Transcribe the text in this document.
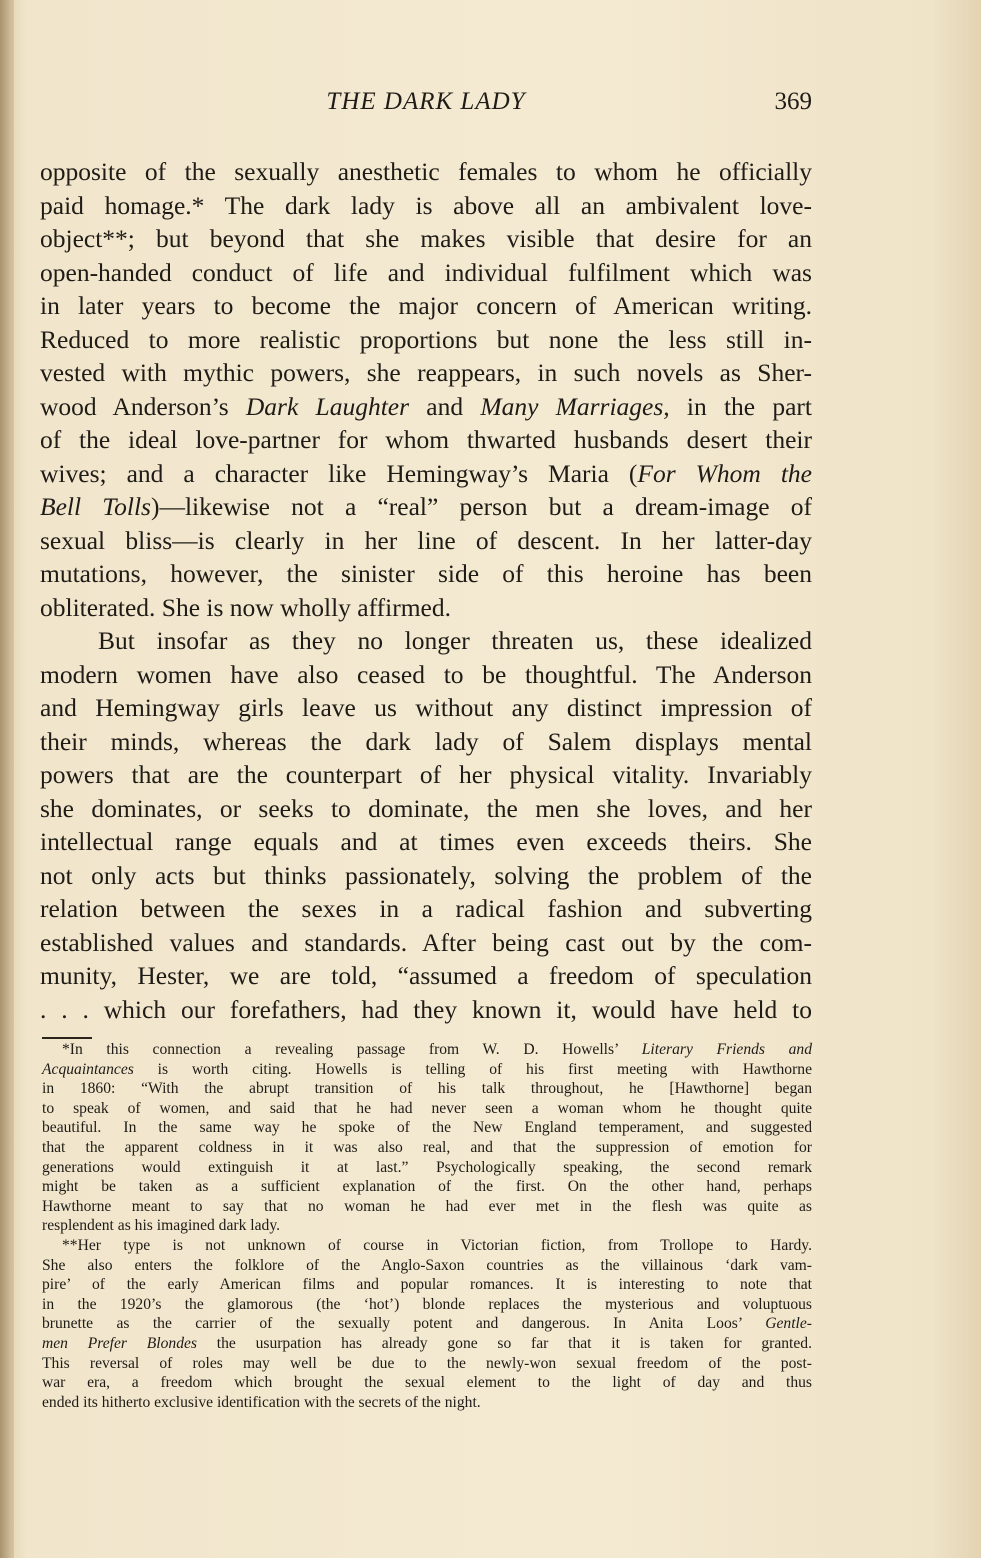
THE DARK LADY	369
opposite of the sexually anesthetic females to whom he officially
paid homage.* The dark lady is above all an ambivalent love-
object**; but beyond that she makes visible that desire for an
open-handed conduct of life and individual fulfilment which was
in later years to become the major concern of American writing.
Reduced to more realistic proportions but none the less still in-
vested with mythic powers, she reappears, in such novels as Sher-
wood Anderson’s Dark Laughter and Many Marriages, in the part
of the ideal love-partner for whom thwarted husbands desert their
wives; and a character like Hemingway’s Maria (For Whom the
Bell Tolls)—likewise not a “real” person but a dream-image of
sexual bliss—is clearly in her line of descent. In her latter-day
mutations, however, the sinister side of this heroine has been
obliterated. She is now wholly affirmed.
But insofar as they no longer threaten us, these idealized
modern women have also ceased to be thoughtful. The Anderson
and Hemingway girls leave us without any distinct impression of
their minds, whereas the dark lady of Salem displays mental
powers that are the counterpart of her physical vitality. Invariably
she dominates, or seeks to dominate, the men she loves, and her
intellectual range equals and at times even exceeds theirs. She
not only acts but thinks passionately, solving the problem of the
relation between the sexes in a radical fashion and subverting
established values and standards. After being cast out by the com-
munity, Hester, we are told, “assumed a freedom of speculation
. . . which our forefathers, had they known it, would have held to
*In this connection a revealing passage from W. D. Howells’ Literary Friends and
Acquaintances is worth citing. Howells is telling of his first meeting with Hawthorne
in 1860: “With the abrupt transition of his talk throughout, he [Hawthorne] began
to speak of women, and said that he had never seen a woman whom he thought quite
beautiful. In the same way he spoke of the New England temperament, and suggested
that the apparent coldness in it was also real, and that the suppression of emotion for
generations would extinguish it at last.” Psychologically speaking, the second remark
might be taken as a sufficient explanation of the first. On the other hand, perhaps
Hawthorne meant to say that no woman he had ever met in the flesh was quite as
resplendent as his imagined dark lady.
**Her type is not unknown of course in Victorian fiction, from Trollope to Hardy.
She also enters the folklore of the Anglo-Saxon countries as the villainous ‘dark vam-
pire’ of the early American films and popular romances. It is interesting to note that
in the 1920’s the glamorous (the ‘hot’) blonde replaces the mysterious and voluptuous
brunette as the carrier of the sexually potent and dangerous. In Anita Loos’ Gentle-
men Prefer Blondes the usurpation has already gone so far that it is taken for granted.
This reversal of roles may well be due to the newly-won sexual freedom of the post-
war era, a freedom which brought the sexual element to the light of day and thus
ended its hitherto exclusive identification with the secrets of the night.
